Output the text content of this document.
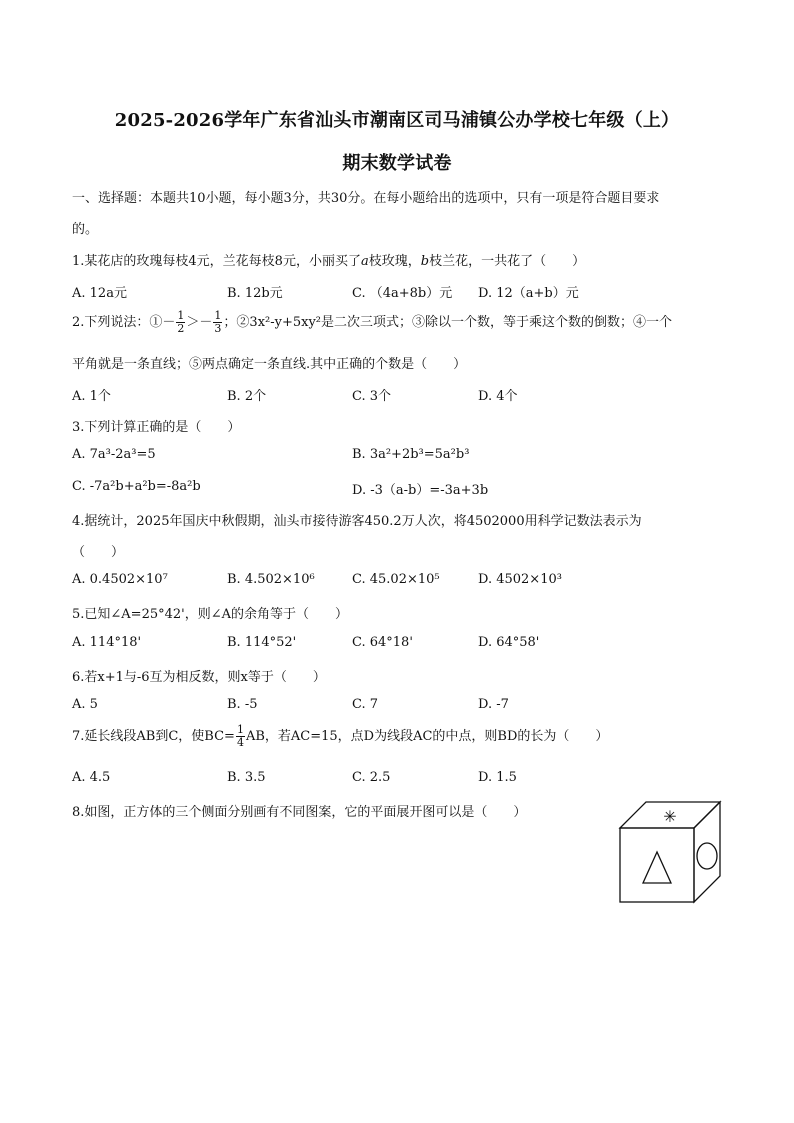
2025-2026学年广东省汕头市潮南区司马浦镇公办学校七年级（上）
期末数学试卷
一、选择题：本题共10小题，每小题3分，共30分。在每小题给出的选项中，只有一项是符合题目要求
的。
1.某花店的玫瑰每枝4元，兰花每枝8元，小丽买了a枝玫瑰，b枝兰花，一共花了（　　）
A. 12a元	B. 12b元	C. （4a+8b）元 D. 12（a+b）元
2.下列说法：①－ $\frac{1}{2} >- \frac{1}{3}$ ；②3x²-y+5xy²是二次三项式；③除以一个数，等于乘这个数的倒数；④一个
平角就是一条直线；⑤两点确定一条直线.其中正确的个数是（　　）
A. 1个	B. 2个	C. 3个	D. 4个
3.下列计算正确的是（　　）
A. 7a³-2a³=5	B. 3a²+2b³=5a²b³
C. -7a²b+a²b=-8a²b	D. -3（a-b）=-3a+3b
4.据统计，2025年国庆中秋假期，汕头市接待游客450.2万人次，将4502000用科学记数法表示为
（　　）
A. 0.4502×10⁷	B. 4.502×10⁶	C. 45.02×10⁵	D. 4502×10³
5.已知∠A=25°42'，则∠A的余角等于（　　）
A. 114°18'	B. 114°52'	C. 64°18'	D. 64°58'
6.若x+1与-6互为相反数，则x等于（　　）
A. 5	B. -5	C. 7	D. -7
7.延长线段AB到C，使$BC= \frac{1}{4}$ AB，若AC=15，点D为线段AC的中点，则BD的长为（　　）
A. 4.5	B. 3.5	C. 2.5	D. 1.5
8.如图，正方体的三个侧面分别画有不同图案，它的平面展开图可以是（　　）	✳
